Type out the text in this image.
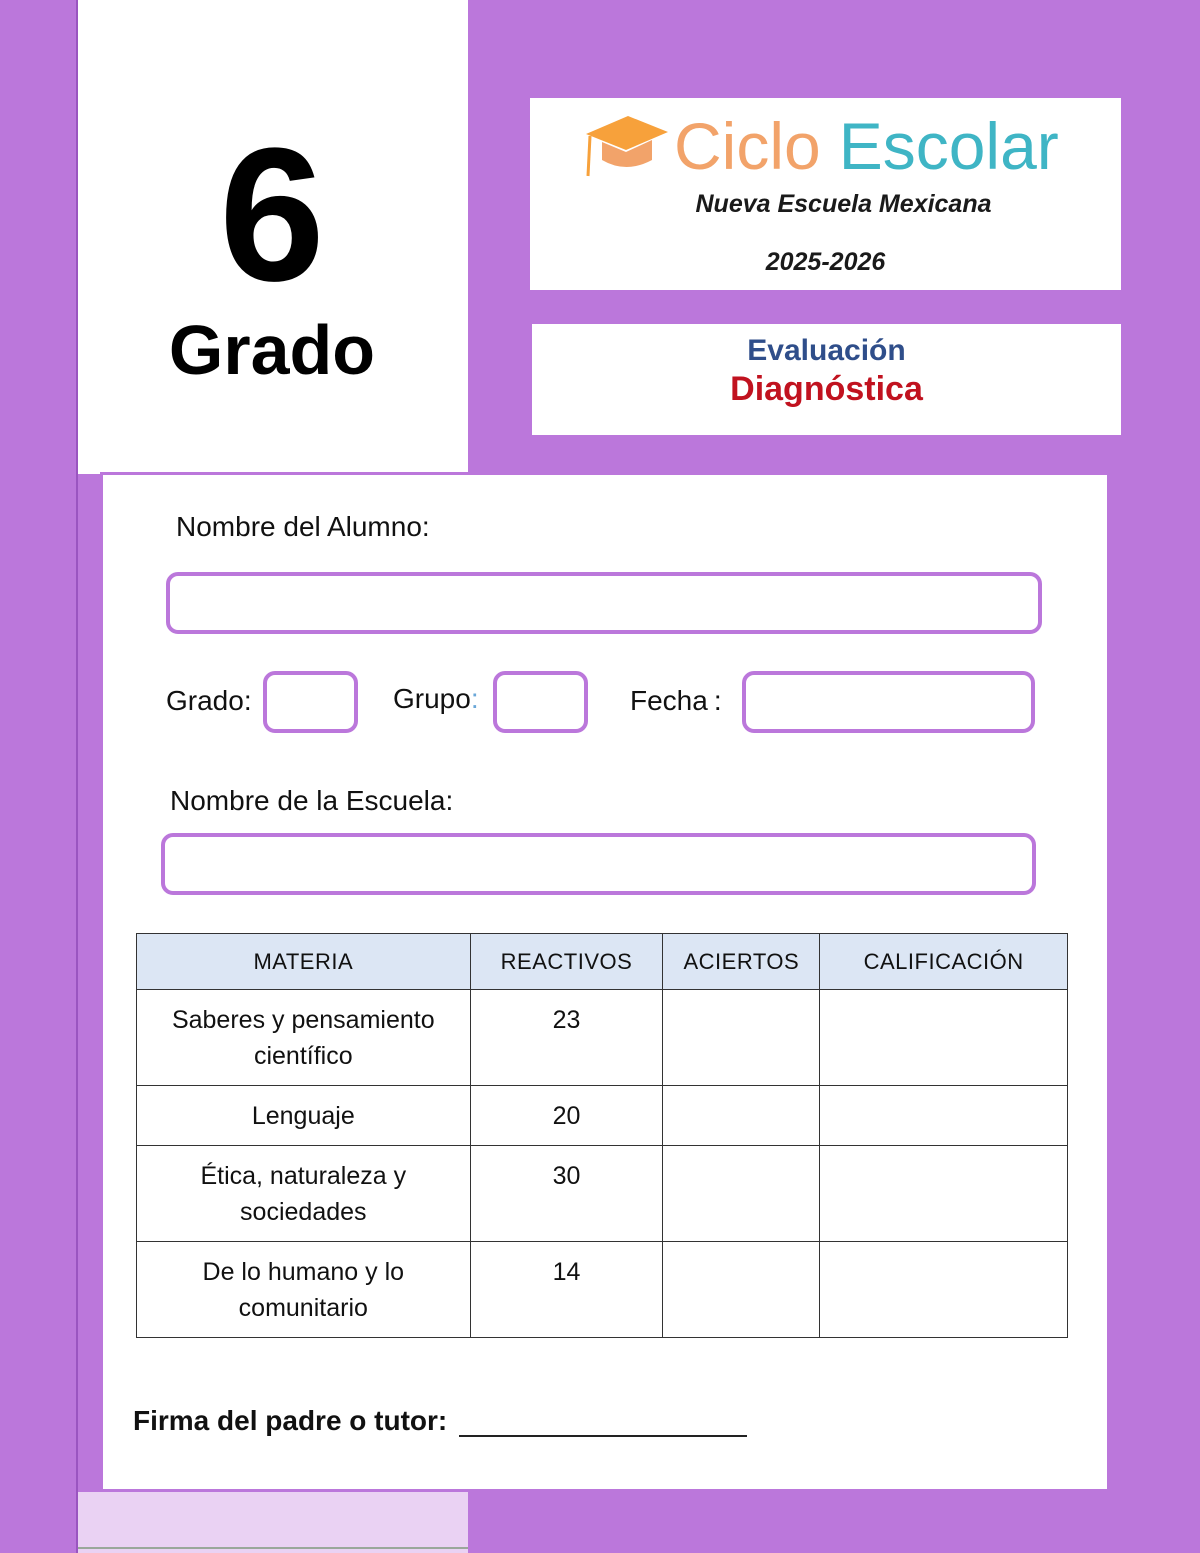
6
Grado
Ciclo Escolar
Nueva Escuela Mexicana
2025-2026
Evaluación
Diagnóstica
Nombre del Alumno:
Grado:	Grupo:	Fecha :
Nombre de la Escuela:
MATERIA	REACTIVOS	ACIERTOS	CALIFICACIÓN
Saberes y pensamiento científico	23		
Lenguaje	20		
Ética, naturaleza y sociedades	30		
De lo humano y lo comunitario	14		
Firma del padre o tutor:
